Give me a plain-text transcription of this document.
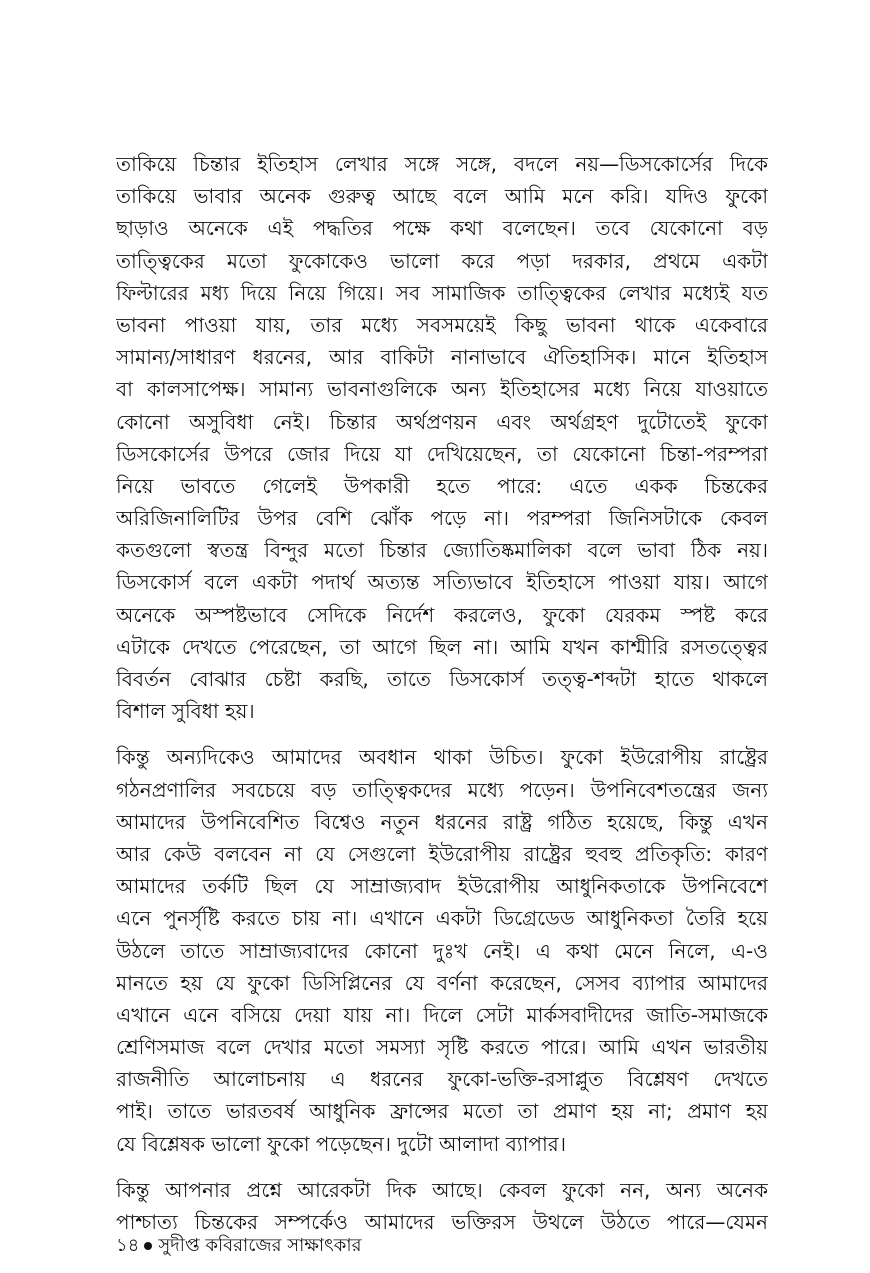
তাকিয়ে চিন্তার ইতিহাস লেখার সঙ্গে সঙ্গে, বদলে নয়—ডিসকোর্সের দিকে
তাকিয়ে ভাবার অনেক গুরুত্ব আছে বলে আমি মনে করি। যদিও ফুকো
ছাড়াও অনেকে এই পদ্ধতির পক্ষে কথা বলেছেন। তবে যেকোনো বড়
তাত্ত্বিকের মতো ফুকোকেও ভালো করে পড়া দরকার, প্রথমে একটা
ফিল্টারের মধ্য দিয়ে নিয়ে গিয়ে। সব সামাজিক তাত্ত্বিকের লেখার মধ্যেই যত
ভাবনা পাওয়া যায়, তার মধ্যে সবসময়েই কিছু ভাবনা থাকে একেবারে
সামান্য/সাধারণ ধরনের, আর বাকিটা নানাভাবে ঐতিহাসিক। মানে ইতিহাস
বা কালসাপেক্ষ। সামান্য ভাবনাগুলিকে অন্য ইতিহাসের মধ্যে নিয়ে যাওয়াতে
কোনো অসুবিধা নেই। চিন্তার অর্থপ্রণয়ন এবং অর্থগ্রহণ দুটোতেই ফুকো
ডিসকোর্সের উপরে জোর দিয়ে যা দেখিয়েছেন, তা যেকোনো চিন্তা-পরম্পরা
নিয়ে ভাবতে গেলেই উপকারী হতে পারে: এতে একক চিন্তকের
অরিজিনালিটির উপর বেশি ঝোঁক পড়ে না। পরম্পরা জিনিসটাকে কেবল
কতগুলো স্বতন্ত্র বিন্দুর মতো চিন্তার জ্যোতিষ্কমালিকা বলে ভাবা ঠিক নয়।
ডিসকোর্স বলে একটা পদার্থ অত্যন্ত সত্যিভাবে ইতিহাসে পাওয়া যায়। আগে
অনেকে অস্পষ্টভাবে সেদিকে নির্দেশ করলেও, ফুকো যেরকম স্পষ্ট করে
এটাকে দেখতে পেরেছেন, তা আগে ছিল না। আমি যখন কাশ্মীরি রসতত্ত্বের
বিবর্তন বোঝার চেষ্টা করছি, তাতে ডিসকোর্স তত্ত্ব-শব্দটা হাতে থাকলে
বিশাল সুবিধা হয়।
কিন্তু অন্যদিকেও আমাদের অবধান থাকা উচিত। ফুকো ইউরোপীয় রাষ্ট্রের
গঠনপ্রণালির সবচেয়ে বড় তাত্ত্বিকদের মধ্যে পড়েন। উপনিবেশতন্ত্রের জন্য
আমাদের উপনিবেশিত বিশ্বেও নতুন ধরনের রাষ্ট্র গঠিত হয়েছে, কিন্তু এখন
আর কেউ বলবেন না যে সেগুলো ইউরোপীয় রাষ্ট্রের হুবহু প্রতিকৃতি: কারণ
আমাদের তর্কটি ছিল যে সাম্রাজ্যবাদ ইউরোপীয় আধুনিকতাকে উপনিবেশে
এনে পুনর্সৃষ্টি করতে চায় না। এখানে একটা ডিগ্রেডেড আধুনিকতা তৈরি হয়ে
উঠলে তাতে সাম্রাজ্যবাদের কোনো দুঃখ নেই। এ কথা মেনে নিলে, এ-ও
মানতে হয় যে ফুকো ডিসিপ্লিনের যে বর্ণনা করেছেন, সেসব ব্যাপার আমাদের
এখানে এনে বসিয়ে দেয়া যায় না। দিলে সেটা মার্কসবাদীদের জাতি-সমাজকে
শ্রেণিসমাজ বলে দেখার মতো সমস্যা সৃষ্টি করতে পারে। আমি এখন ভারতীয়
রাজনীতি আলোচনায় এ ধরনের ফুকো-ভক্তি-রসাপ্লুত বিশ্লেষণ দেখতে
পাই। তাতে ভারতবর্ষ আধুনিক ফ্রান্সের মতো তা প্রমাণ হয় না; প্রমাণ হয়
যে বিশ্লেষক ভালো ফুকো পড়েছেন। দুটো আলাদা ব্যাপার।
কিন্তু আপনার প্রশ্নে আরেকটা দিক আছে। কেবল ফুকো নন, অন্য অনেক
পাশ্চাত্য চিন্তকের সম্পর্কেও আমাদের ভক্তিরস উথলে উঠতে পারে—যেমন
১৪ সুদীপ্ত কবিরাজের সাক্ষাৎকার
